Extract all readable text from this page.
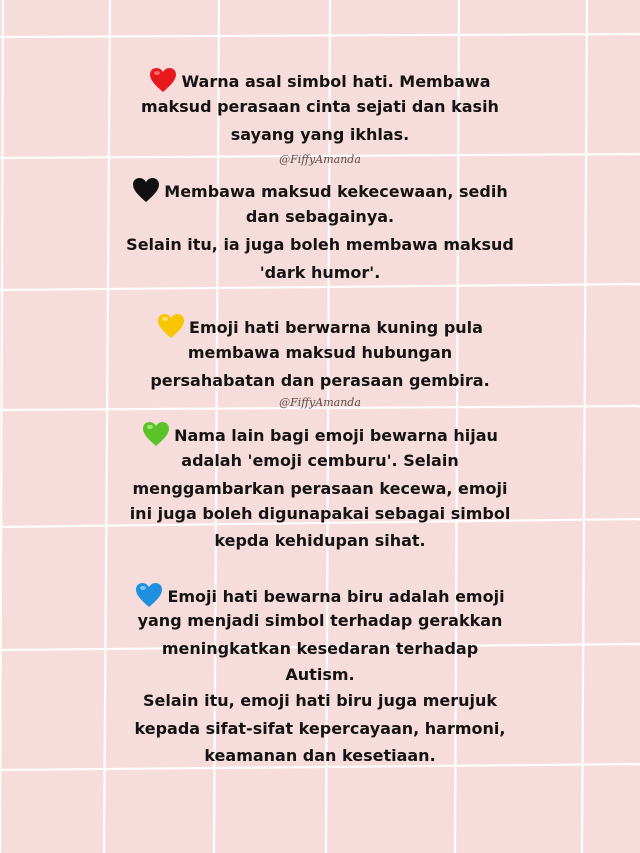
Warna asal simbol hati. Membawa
maksud perasaan cinta sejati dan kasih
sayang yang ikhlas.
@FiffyAmanda
Membawa maksud kekecewaan, sedih
dan sebagainya.
Selain itu, ia juga boleh membawa maksud
'dark humor'.
Emoji hati berwarna kuning pula
membawa maksud hubungan
persahabatan dan perasaan gembira.
@FiffyAmanda
Nama lain bagi emoji bewarna hijau
adalah 'emoji cemburu'. Selain
menggambarkan perasaan kecewa, emoji
ini juga boleh digunapakai sebagai simbol
kepda kehidupan sihat.
Emoji hati bewarna biru adalah emoji
yang menjadi simbol terhadap gerakkan
meningkatkan kesedaran terhadap
Autism.
Selain itu, emoji hati biru juga merujuk
kepada sifat-sifat kepercayaan, harmoni,
keamanan dan kesetiaan.
